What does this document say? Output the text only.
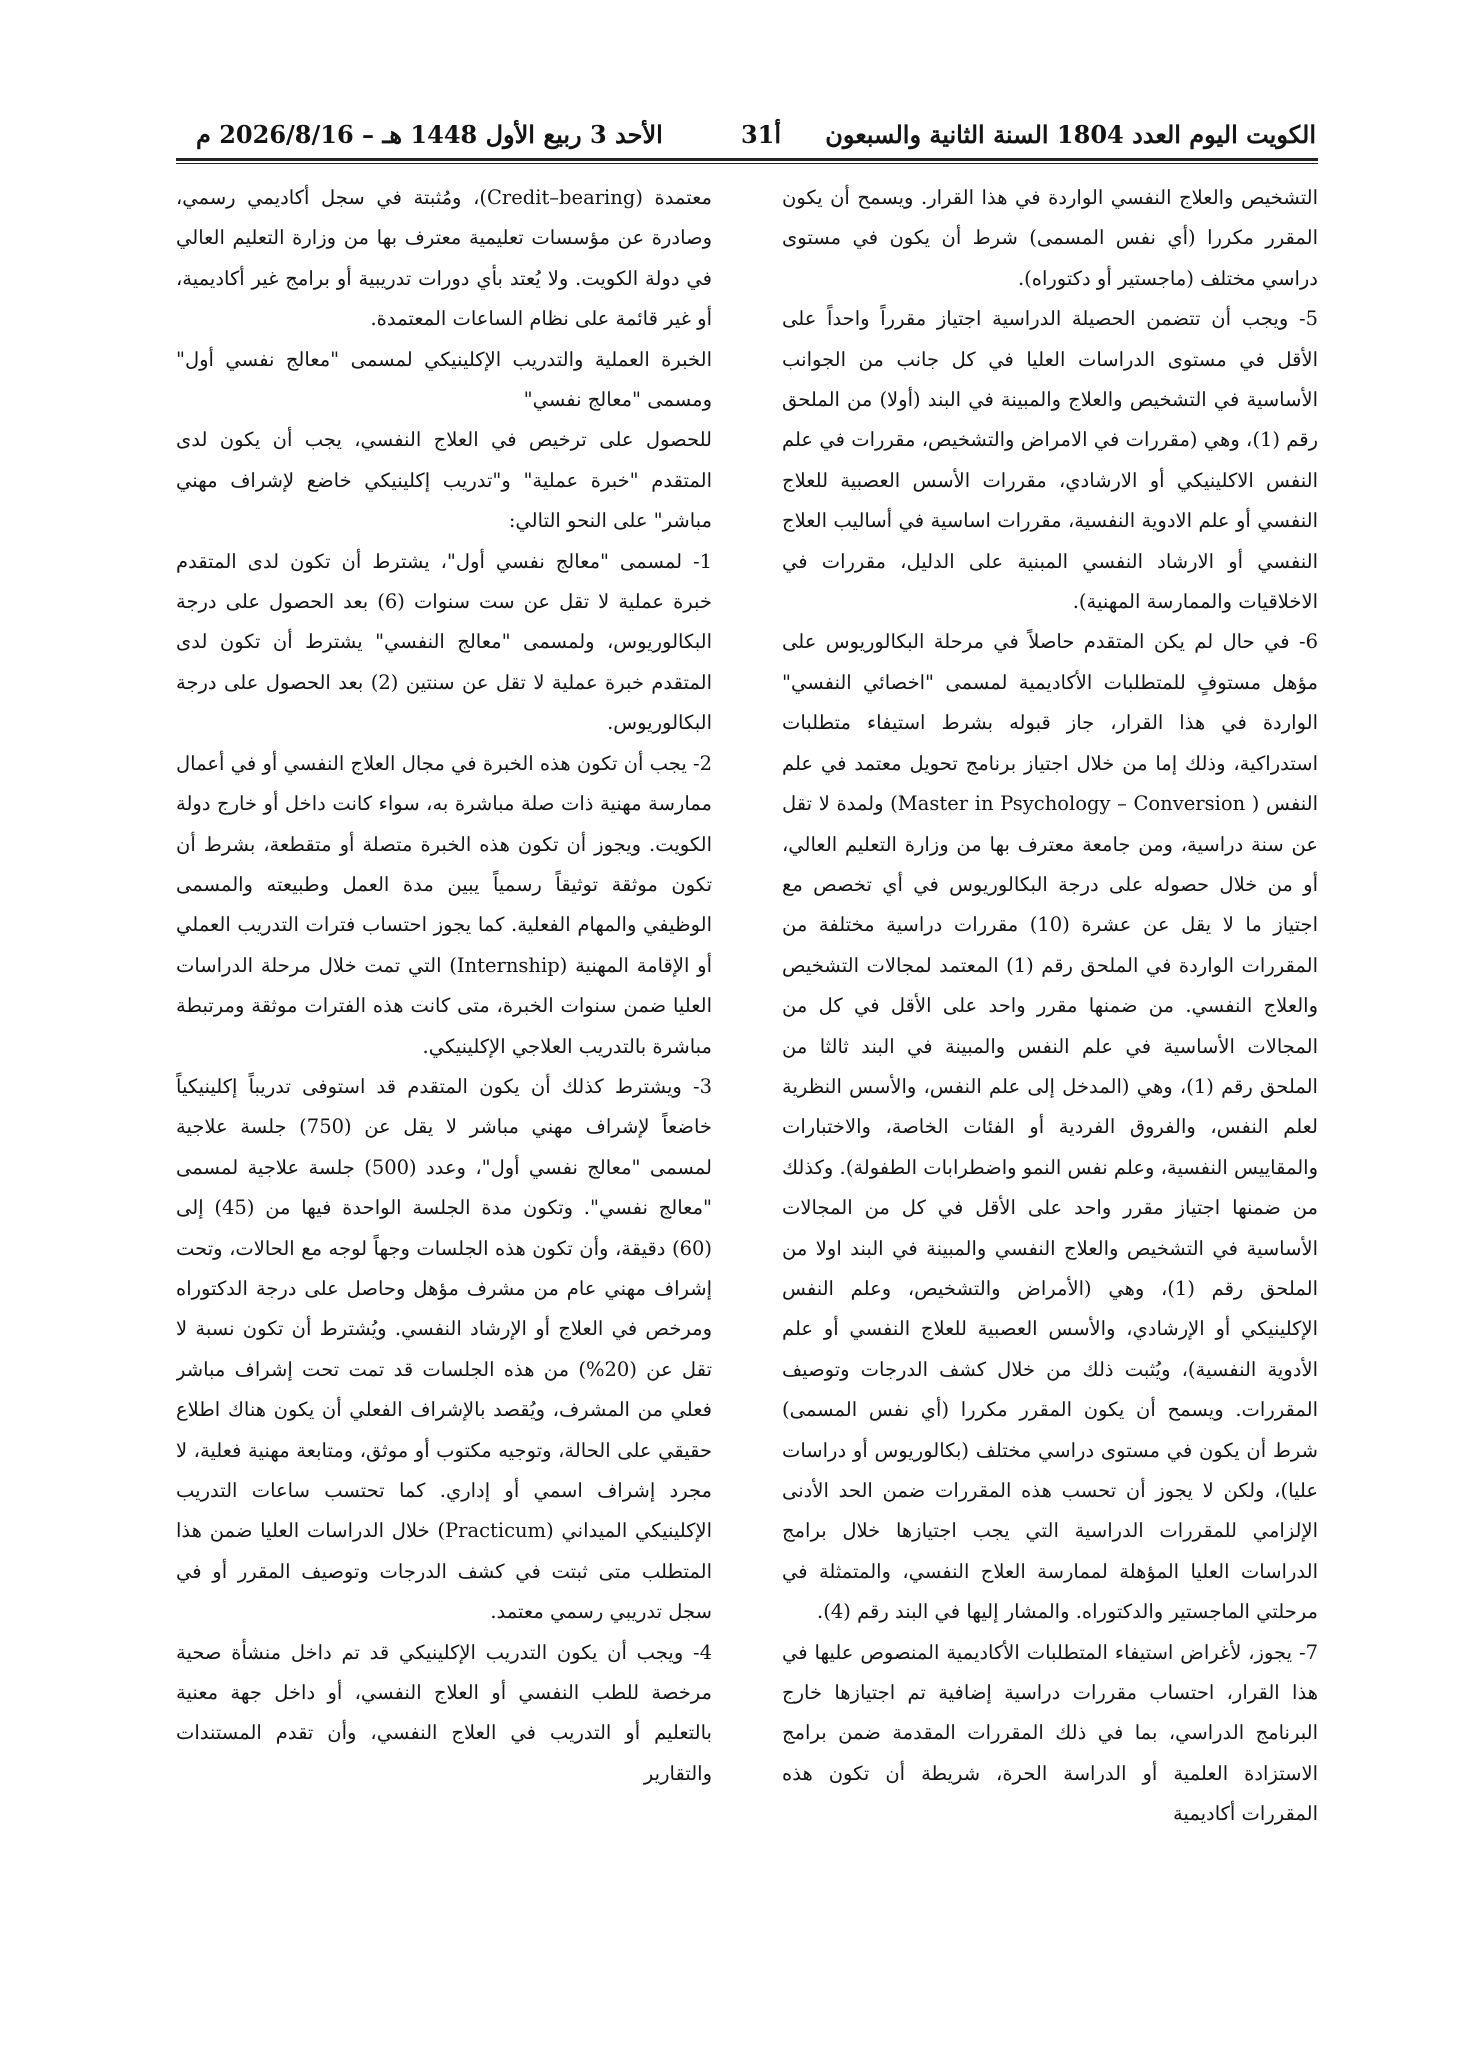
الكويت اليوم العدد 1804 السنة الثانية والسبعون
31أ
الأحد 3 ربيع الأول 1448 هـ – 2026/8/16 م

التشخيص والعلاج النفسي الواردة في هذا القرار. ويسمح أن يكون المقرر مكررا (أي نفس المسمى) شرط أن يكون في مستوى دراسي مختلف (ماجستير أو دكتوراه).

5- ويجب أن تتضمن الحصيلة الدراسية اجتياز مقرراً واحداً على الأقل في مستوى الدراسات العليا في كل جانب من الجوانب الأساسية في التشخيص والعلاج والمبينة في البند (أولا) من الملحق رقم (1)، وهي (مقررات في الامراض والتشخيص، مقررات في علم النفس الاكلينيكي أو الارشادي، مقررات الأسس العصبية للعلاج النفسي أو علم الادوية النفسية، مقررات اساسية في أساليب العلاج النفسي أو الارشاد النفسي المبنية على الدليل، مقررات في الاخلاقيات والممارسة المهنية).

6- في حال لم يكن المتقدم حاصلاً في مرحلة البكالوريوس على مؤهل مستوفٍ للمتطلبات الأكاديمية لمسمى "اخصائي النفسي" الواردة في هذا القرار، جاز قبوله بشرط استيفاء متطلبات استدراكية، وذلك إما من خلال اجتياز برنامج تحويل معتمد في علم النفس ( Master in Psychology – Conversion) ولمدة لا تقل عن سنة دراسية، ومن جامعة معترف بها من وزارة التعليم العالي، أو من خلال حصوله على درجة البكالوريوس في أي تخصص مع اجتياز ما لا يقل عن عشرة (10) مقررات دراسية مختلفة من المقررات الواردة في الملحق رقم (1) المعتمد لمجالات التشخيص والعلاج النفسي. من ضمنها مقرر واحد على الأقل في كل من المجالات الأساسية في علم النفس والمبينة في البند ثالثا من الملحق رقم (1)، وهي (المدخل إلى علم النفس، والأسس النظرية لعلم النفس، والفروق الفردية أو الفئات الخاصة، والاختبارات والمقاييس النفسية، وعلم نفس النمو واضطرابات الطفولة). وكذلك من ضمنها اجتياز مقرر واحد على الأقل في كل من المجالات الأساسية في التشخيص والعلاج النفسي والمبينة في البند اولا من الملحق رقم (1)، وهي (الأمراض والتشخيص، وعلم النفس الإكلينيكي أو الإرشادي، والأسس العصبية للعلاج النفسي أو علم الأدوية النفسية)، ويُثبت ذلك من خلال كشف الدرجات وتوصيف المقررات. ويسمح أن يكون المقرر مكررا (أي نفس المسمى) شرط أن يكون في مستوى دراسي مختلف (بكالوريوس أو دراسات عليا)، ولكن لا يجوز أن تحسب هذه المقررات ضمن الحد الأدنى الإلزامي للمقررات الدراسية التي يجب اجتيازها خلال برامج الدراسات العليا المؤهلة لممارسة العلاج النفسي، والمتمثلة في مرحلتي الماجستير والدكتوراه. والمشار إليها في البند رقم (4).

7- يجوز، لأغراض استيفاء المتطلبات الأكاديمية المنصوص عليها في هذا القرار، احتساب مقررات دراسية إضافية تم اجتيازها خارج البرنامج الدراسي، بما في ذلك المقررات المقدمة ضمن برامج الاستزادة العلمية أو الدراسة الحرة، شريطة أن تكون هذه المقررات أكاديمية

معتمدة (Credit–bearing)، ومُثبتة في سجل أكاديمي رسمي، وصادرة عن مؤسسات تعليمية معترف بها من وزارة التعليم العالي في دولة الكويت. ولا يُعتد بأي دورات تدريبية أو برامج غير أكاديمية، أو غير قائمة على نظام الساعات المعتمدة.

الخبرة العملية والتدريب الإكلينيكي لمسمى "معالج نفسي أول" ومسمى "معالج نفسي"

للحصول على ترخيص في العلاج النفسي، يجب أن يكون لدى المتقدم "خبرة عملية" و"تدريب إكلينيكي خاضع لإشراف مهني مباشر" على النحو التالي:

1- لمسمى "معالج نفسي أول"، يشترط أن تكون لدى المتقدم خبرة عملية لا تقل عن ست سنوات (6) بعد الحصول على درجة البكالوريوس، ولمسمى "معالج النفسي" يشترط أن تكون لدى المتقدم خبرة عملية لا تقل عن سنتين (2) بعد الحصول على درجة البكالوريوس.

2- يجب أن تكون هذه الخبرة في مجال العلاج النفسي أو في أعمال ممارسة مهنية ذات صلة مباشرة به، سواء كانت داخل أو خارج دولة الكويت. ويجوز أن تكون هذه الخبرة متصلة أو متقطعة، بشرط أن تكون موثقة توثيقاً رسمياً يبين مدة العمل وطبيعته والمسمى الوظيفي والمهام الفعلية. كما يجوز احتساب فترات التدريب العملي أو الإقامة المهنية (Internship) التي تمت خلال مرحلة الدراسات العليا ضمن سنوات الخبرة، متى كانت هذه الفترات موثقة ومرتبطة مباشرة بالتدريب العلاجي الإكلينيكي.

3- ويشترط كذلك أن يكون المتقدم قد استوفى تدريباً إكلينيكياً خاضعاً لإشراف مهني مباشر لا يقل عن (750) جلسة علاجية لمسمى "معالج نفسي أول"، وعدد (500) جلسة علاجية لمسمى "معالج نفسي". وتكون مدة الجلسة الواحدة فيها من (45) إلى (60) دقيقة، وأن تكون هذه الجلسات وجهاً لوجه مع الحالات، وتحت إشراف مهني عام من مشرف مؤهل وحاصل على درجة الدكتوراه ومرخص في العلاج أو الإرشاد النفسي. ويُشترط أن تكون نسبة لا تقل عن (20%) من هذه الجلسات قد تمت تحت إشراف مباشر فعلي من المشرف، ويُقصد بالإشراف الفعلي أن يكون هناك اطلاع حقيقي على الحالة، وتوجيه مكتوب أو موثق، ومتابعة مهنية فعلية، لا مجرد إشراف اسمي أو إداري. كما تحتسب ساعات التدريب الإكلينيكي الميداني (Practicum) خلال الدراسات العليا ضمن هذا المتطلب متى ثبتت في كشف الدرجات وتوصيف المقرر أو في سجل تدريبي رسمي معتمد.

4- ويجب أن يكون التدريب الإكلينيكي قد تم داخل منشأة صحية مرخصة للطب النفسي أو العلاج النفسي، أو داخل جهة معنية بالتعليم أو التدريب في العلاج النفسي، وأن تقدم المستندات والتقارير
